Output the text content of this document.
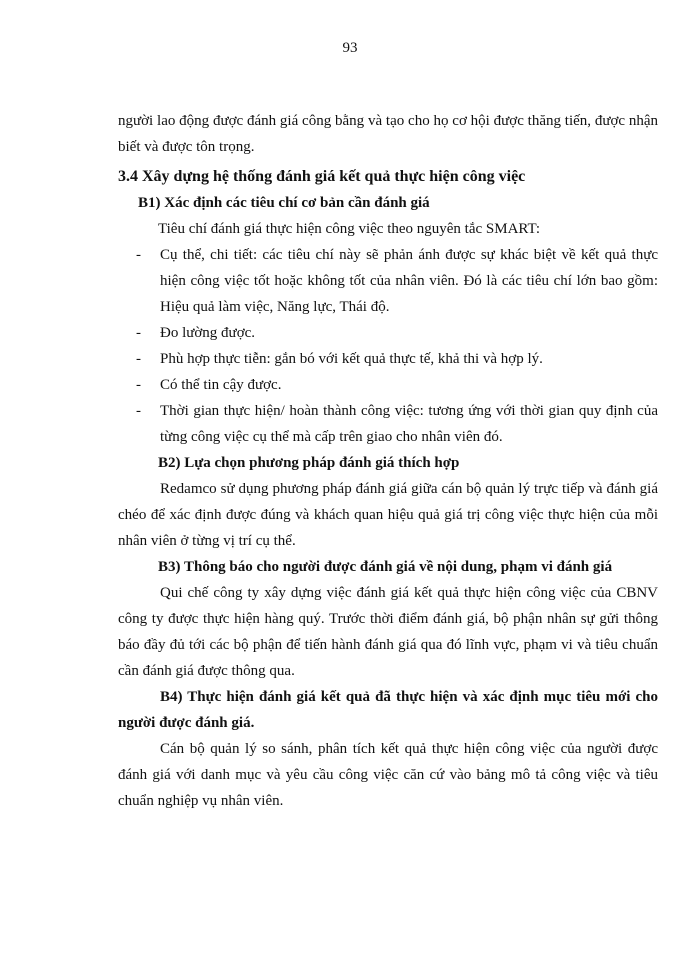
93

người lao động được đánh giá công bằng và tạo cho họ cơ hội được thăng tiến, được nhận biết và được tôn trọng.

3.4 Xây dựng hệ thống đánh giá kết quả thực hiện công việc

B1) Xác định các tiêu chí cơ bản cần đánh giá

Tiêu chí đánh giá thực hiện công việc theo nguyên tắc SMART:

- Cụ thể, chi tiết: các tiêu chí này sẽ phản ánh được sự khác biệt về kết quả thực hiện công việc tốt hoặc không tốt của nhân viên. Đó là các tiêu chí lớn bao gồm: Hiệu quả làm việc, Năng lực, Thái độ.
- Đo lường được.
- Phù hợp thực tiễn: gắn bó với kết quả thực tế, khả thi và hợp lý.
- Có thể tin cậy được.
- Thời gian thực hiện/ hoàn thành công việc: tương ứng với thời gian quy định của từng công việc cụ thể mà cấp trên giao cho nhân viên đó.

B2) Lựa chọn phương pháp đánh giá thích hợp

Redamco sử dụng phương pháp đánh giá giữa cán bộ quản lý trực tiếp và đánh giá chéo để xác định được đúng và khách quan hiệu quả giá trị công việc thực hiện của mỗi nhân viên ở từng vị trí cụ thể.

B3) Thông báo cho người được đánh giá về nội dung, phạm vi đánh giá

Qui chế công ty xây dựng việc đánh giá kết quả thực hiện công việc của CBNV công ty được thực hiện hàng quý. Trước thời điểm đánh giá, bộ phận nhân sự gửi thông báo đầy đủ tới các bộ phận để tiến hành đánh giá qua đó lĩnh vực, phạm vi và tiêu chuẩn cần đánh giá được thông qua.

B4) Thực hiện đánh giá kết quả đã thực hiện và xác định mục tiêu mới cho người được đánh giá.

Cán bộ quản lý so sánh, phân tích kết quả thực hiện công việc của người được đánh giá với danh mục và yêu cầu công việc căn cứ vào bảng mô tả công việc và tiêu chuẩn nghiệp vụ nhân viên.
